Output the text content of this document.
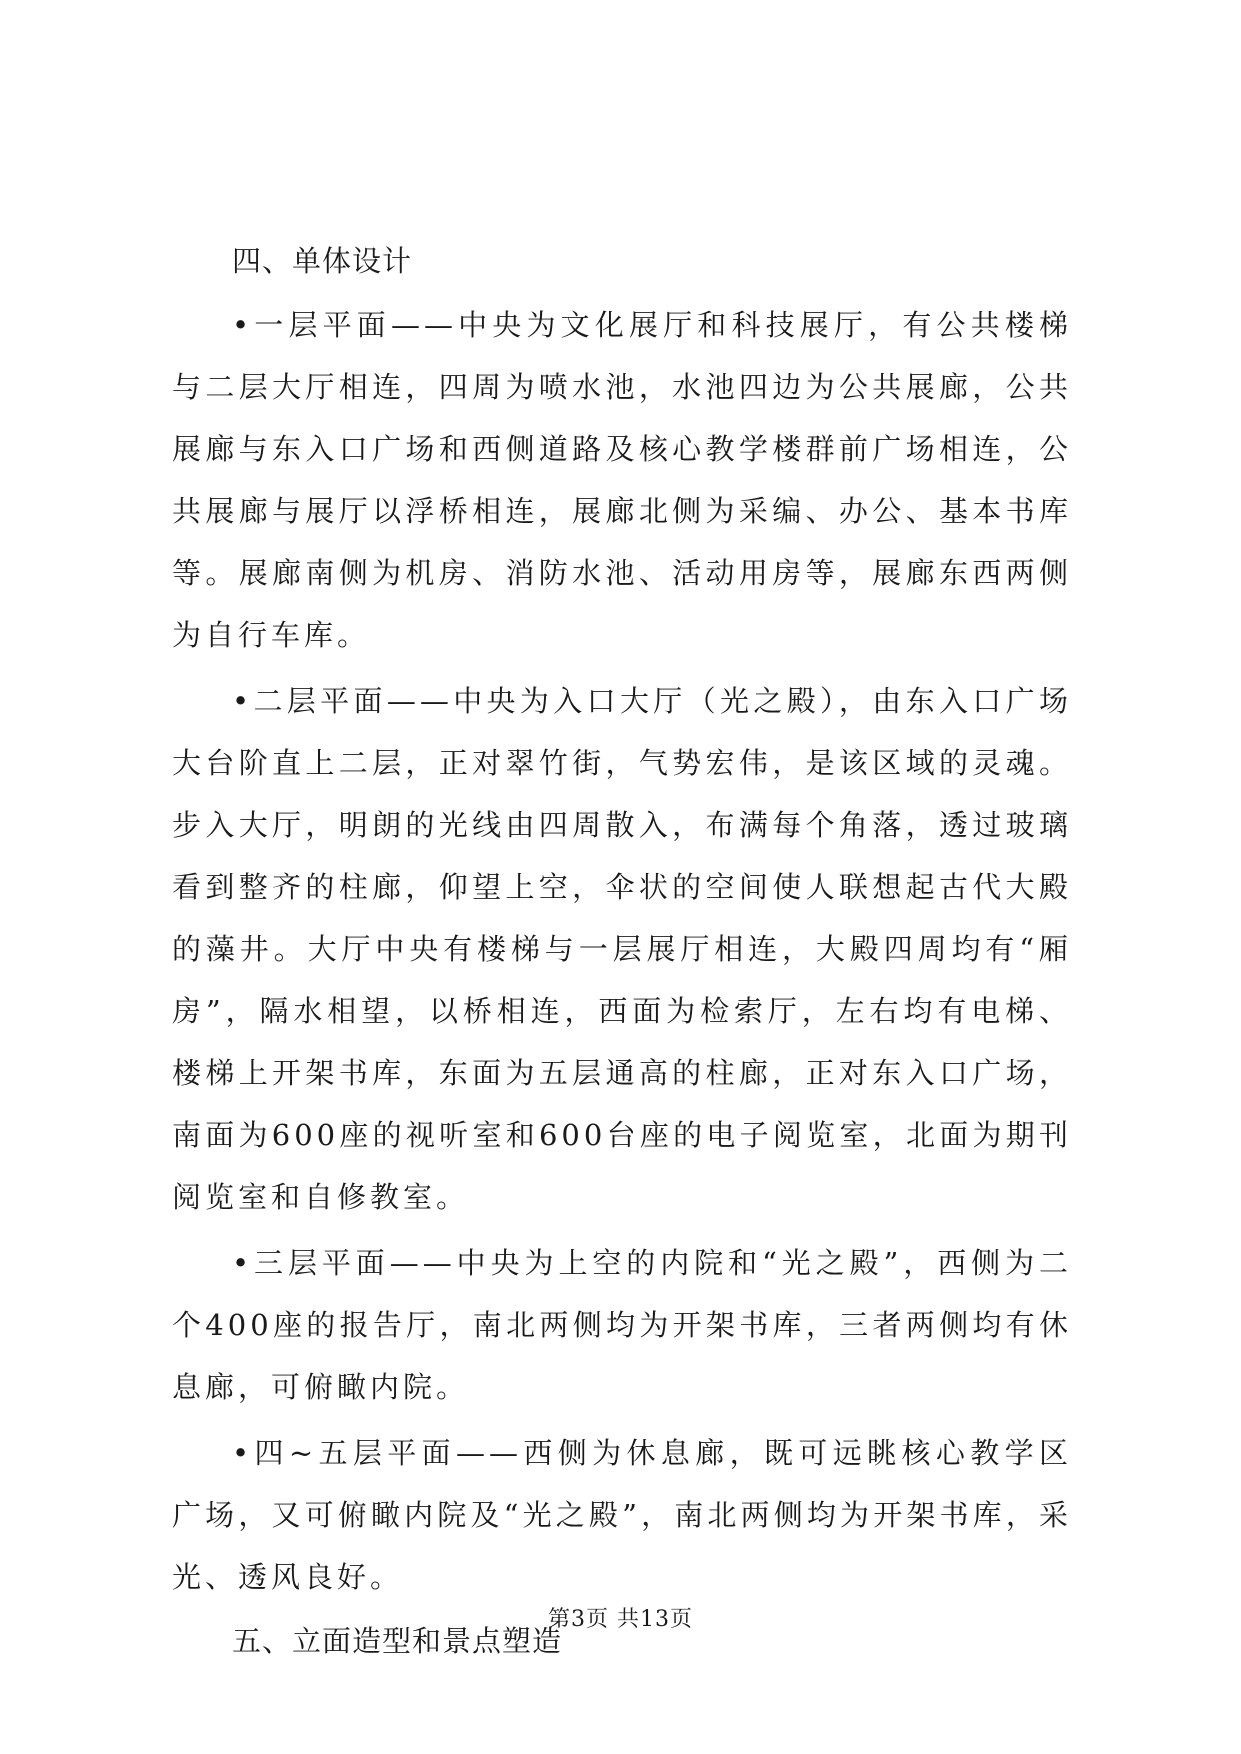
四、单体设计

•一层平面——中央为文化展厅和科技展厅，有公共楼梯与二层大厅相连，四周为喷水池，水池四边为公共展廊，公共展廊与东入口广场和西侧道路及核心教学楼群前广场相连，公共展廊与展厅以浮桥相连，展廊北侧为采编、办公、基本书库等。展廊南侧为机房、消防水池、活动用房等，展廊东西两侧为自行车库。

•二层平面——中央为入口大厅（光之殿），由东入口广场大台阶直上二层，正对翠竹街，气势宏伟，是该区域的灵魂。步入大厅，明朗的光线由四周散入，布满每个角落，透过玻璃看到整齐的柱廊，仰望上空，伞状的空间使人联想起古代大殿的藻井。大厅中央有楼梯与一层展厅相连，大殿四周均有“厢房”，隔水相望，以桥相连，西面为检索厅，左右均有电梯、楼梯上开架书库，东面为五层通高的柱廊，正对东入口广场，南面为600座的视听室和600台座的电子阅览室，北面为期刊阅览室和自修教室。

•三层平面——中央为上空的内院和“光之殿”，西侧为二个400座的报告厅，南北两侧均为开架书库，三者两侧均有休息廊，可俯瞰内院。

•四~五层平面——西侧为休息廊，既可远眺核心教学区广场，又可俯瞰内院及“光之殿”，南北两侧均为开架书库，采光、透风良好。

五、立面造型和景点塑造

第3页 共13页
